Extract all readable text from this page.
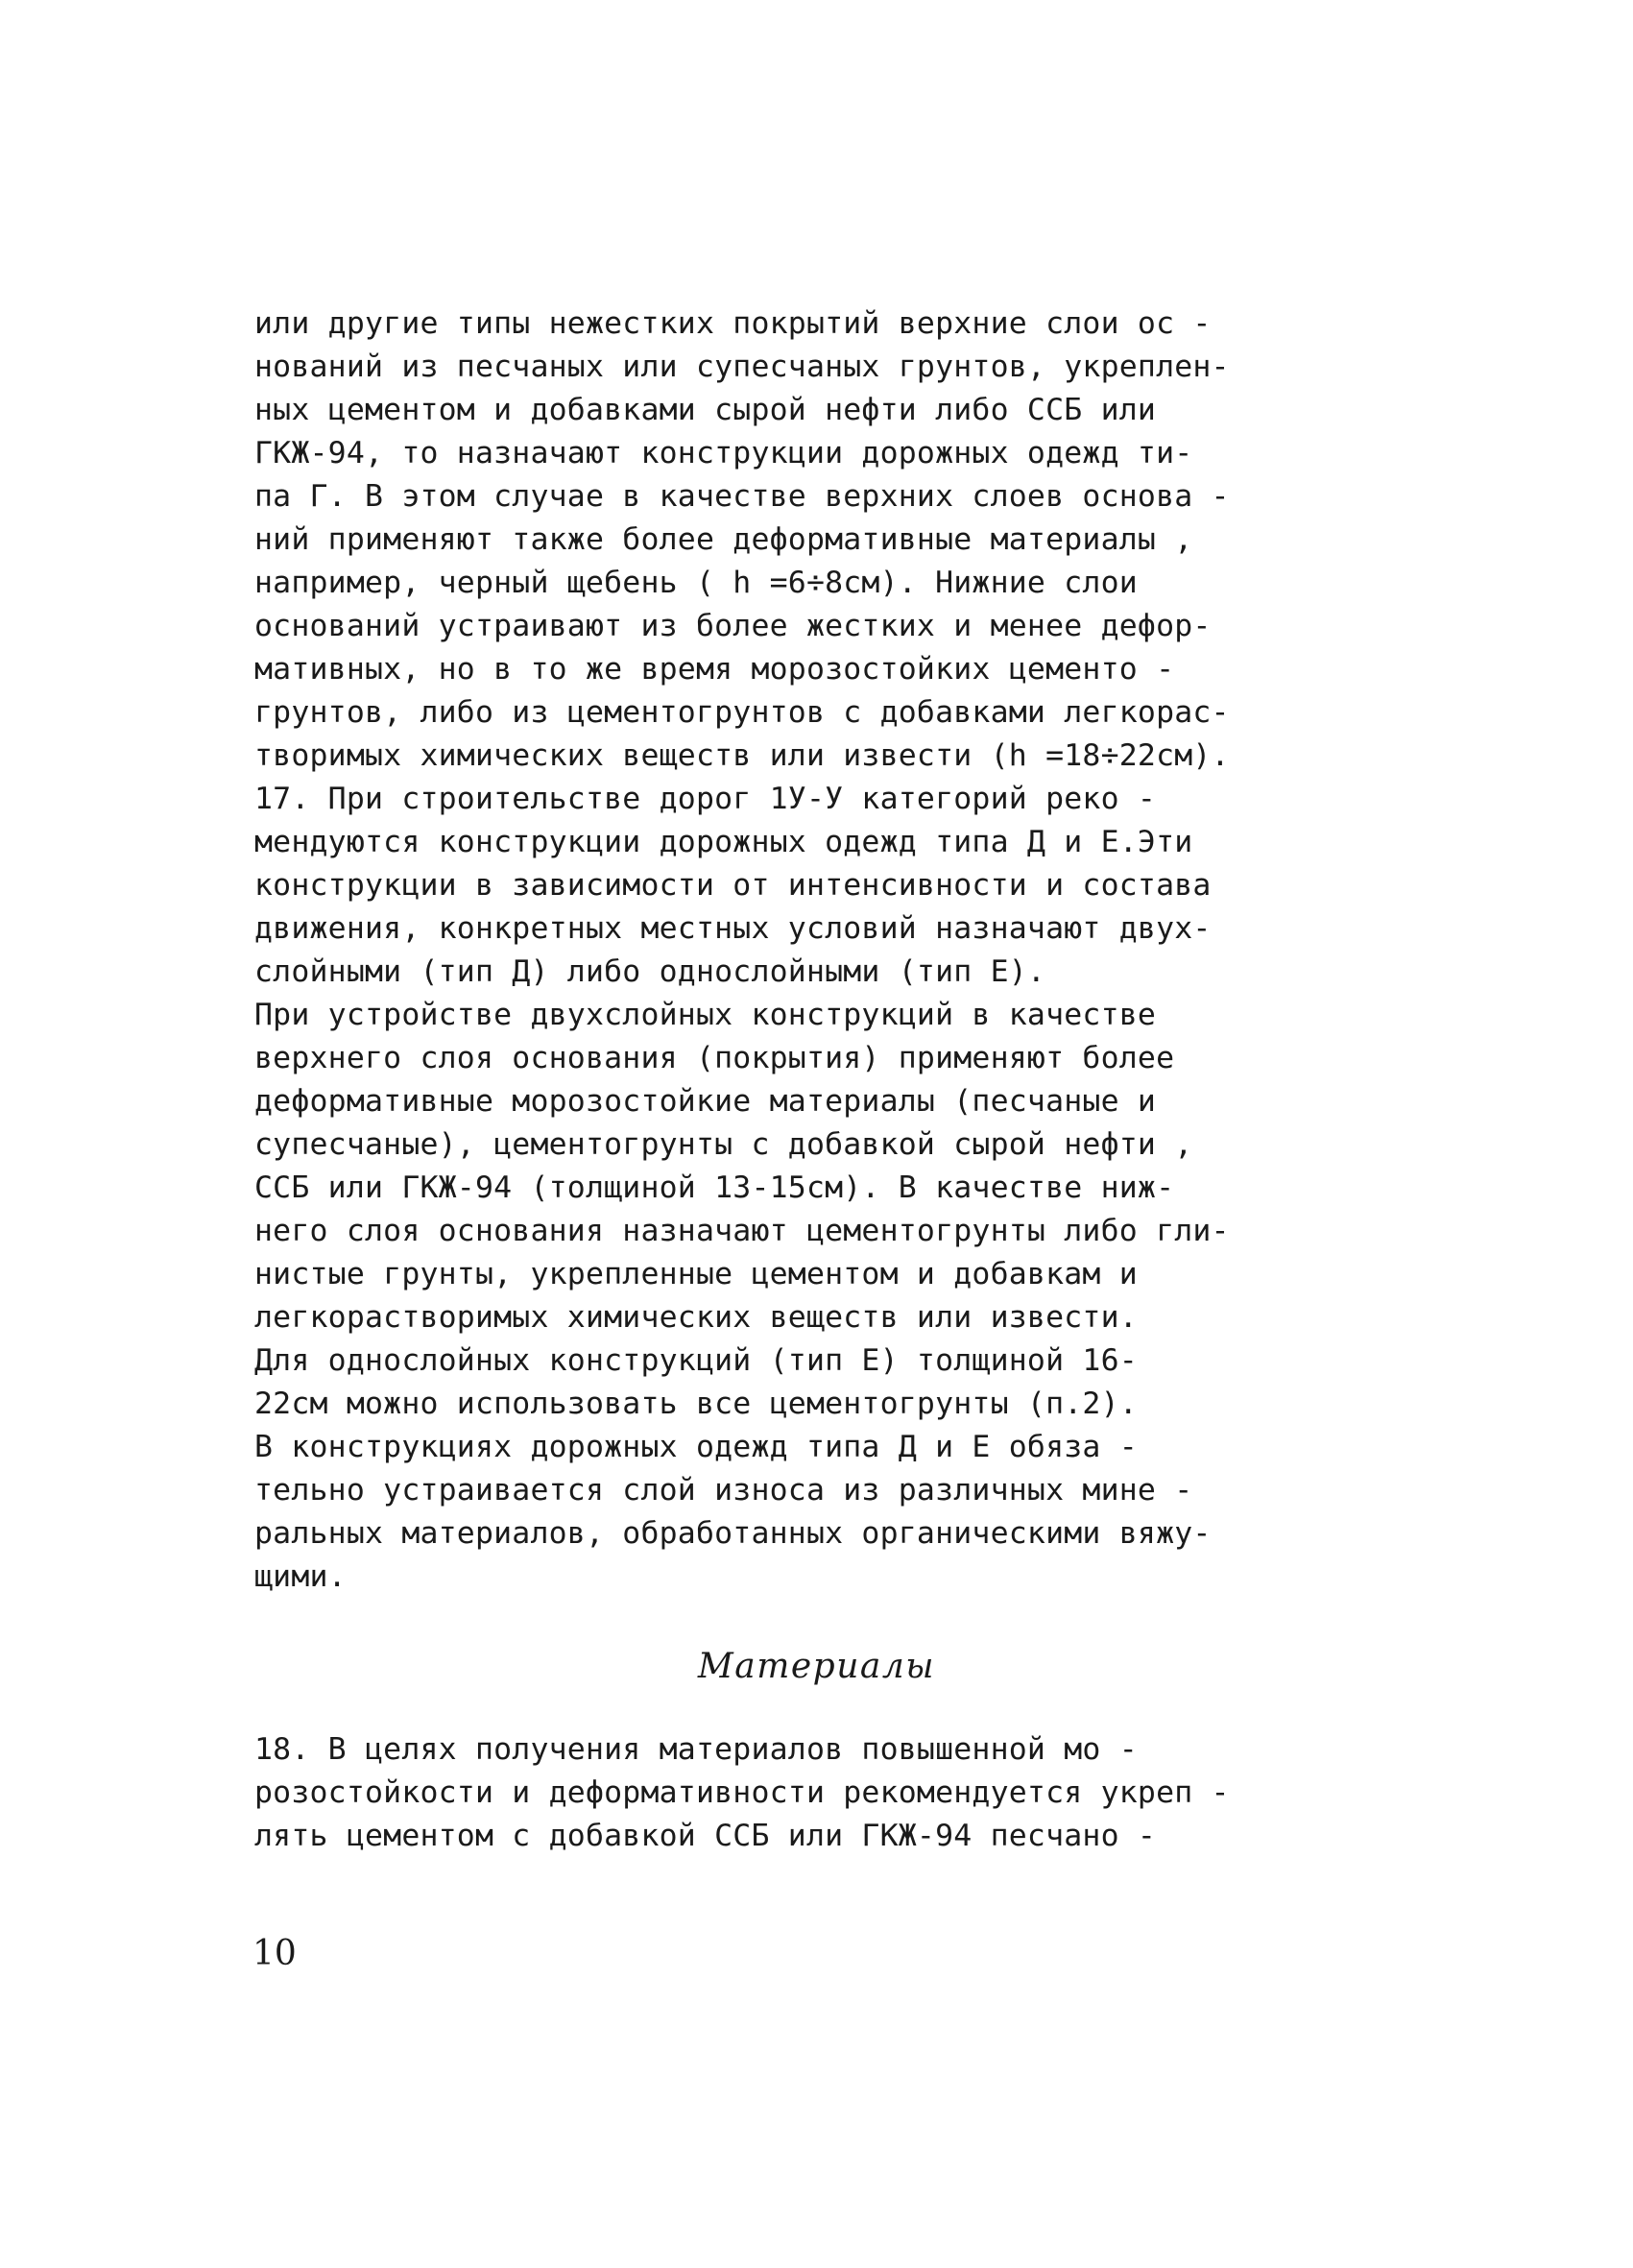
или другие типы нежестких покрытий верхние слои ос -
нований из песчаных или супесчаных грунтов, укреплен-
ных цементом и добавками сырой нефти либо ССБ или
ГКЖ-94, то назначают конструкции дорожных одежд ти-
па Г. В этом случае в качестве верхних слоев основа -
ний применяют также более деформативные материалы ,
например, черный щебень ( h =6÷8см). Нижние слои
оснований устраивают из более жестких и менее дефор-
мативных, но в то же время морозостойких цементо -
грунтов, либо из цементогрунтов с добавками легкорас-
творимых химических веществ или извести (h =18÷22см).
17. При строительстве дорог 1У-У категорий реко -
мендуются конструкции дорожных одежд типа Д и Е.Эти
конструкции в зависимости от интенсивности и состава
движения, конкретных местных условий назначают двух-
слойными (тип Д) либо однослойными (тип Е).
При устройстве двухслойных конструкций в качестве
верхнего слоя основания (покрытия) применяют более
деформативные морозостойкие материалы (песчаные и
супесчаные), цементогрунты с добавкой сырой нефти ,
ССБ или ГКЖ-94 (толщиной 13-15см). В качестве ниж-
него слоя основания назначают цементогрунты либо гли-
нистые грунты, укрепленные цементом и добавкам и
легкорастворимых химических веществ или извести.
Для однослойных конструкций (тип Е) толщиной 16-
22см можно использовать все цементогрунты (п.2).
В конструкциях дорожных одежд типа Д и Е обяза -
тельно устраивается слой износа из различных мине -
ральных материалов, обработанных органическими вяжу-
щими.
Материалы
18. В целях получения материалов повышенной мо -
розостойкости и деформативности рекомендуется укреп -
лять цементом с добавкой ССБ или ГКЖ-94 песчано -
10
